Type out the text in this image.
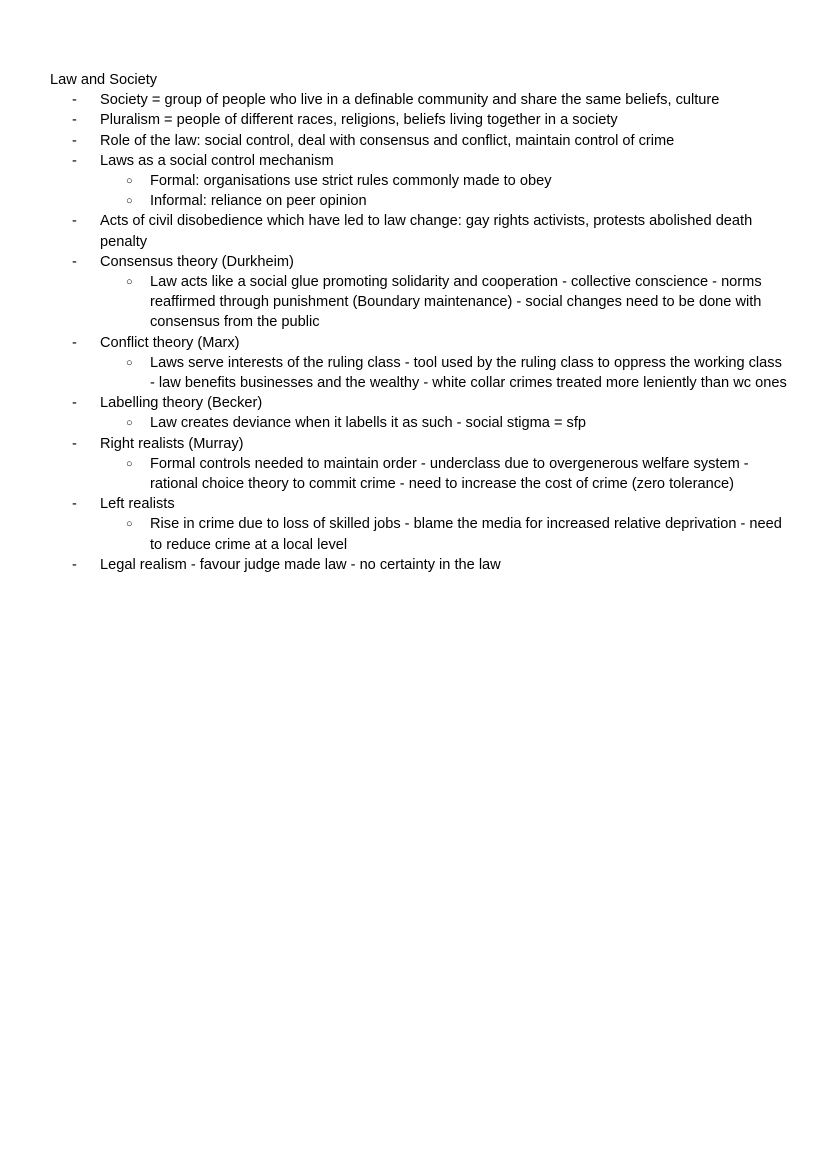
Law and Society
- Society = group of people who live in a definable community and share the same beliefs, culture
- Pluralism = people of different races, religions, beliefs living together in a society
- Role of the law: social control, deal with consensus and conflict, maintain control of crime
- Laws as a social control mechanism
○ Formal: organisations use strict rules commonly made to obey
○ Informal: reliance on peer opinion
- Acts of civil disobedience which have led to law change: gay rights activists, protests abolished death penalty
- Consensus theory (Durkheim)
○ Law acts like a social glue promoting solidarity and cooperation - collective conscience - norms reaffirmed through punishment (Boundary maintenance) - social changes need to be done with consensus from the public
- Conflict theory (Marx)
○ Laws serve interests of the ruling class - tool used by the ruling class to oppress the working class - law benefits businesses and the wealthy - white collar crimes treated more leniently than wc ones
- Labelling theory (Becker)
○ Law creates deviance when it labells it as such - social stigma = sfp
- Right realists (Murray)
○ Formal controls needed to maintain order - underclass due to overgenerous welfare system - rational choice theory to commit crime - need to increase the cost of crime (zero tolerance)
- Left realists
○ Rise in crime due to loss of skilled jobs - blame the media for increased relative deprivation - need to reduce crime at a local level
- Legal realism - favour judge made law - no certainty in the law
